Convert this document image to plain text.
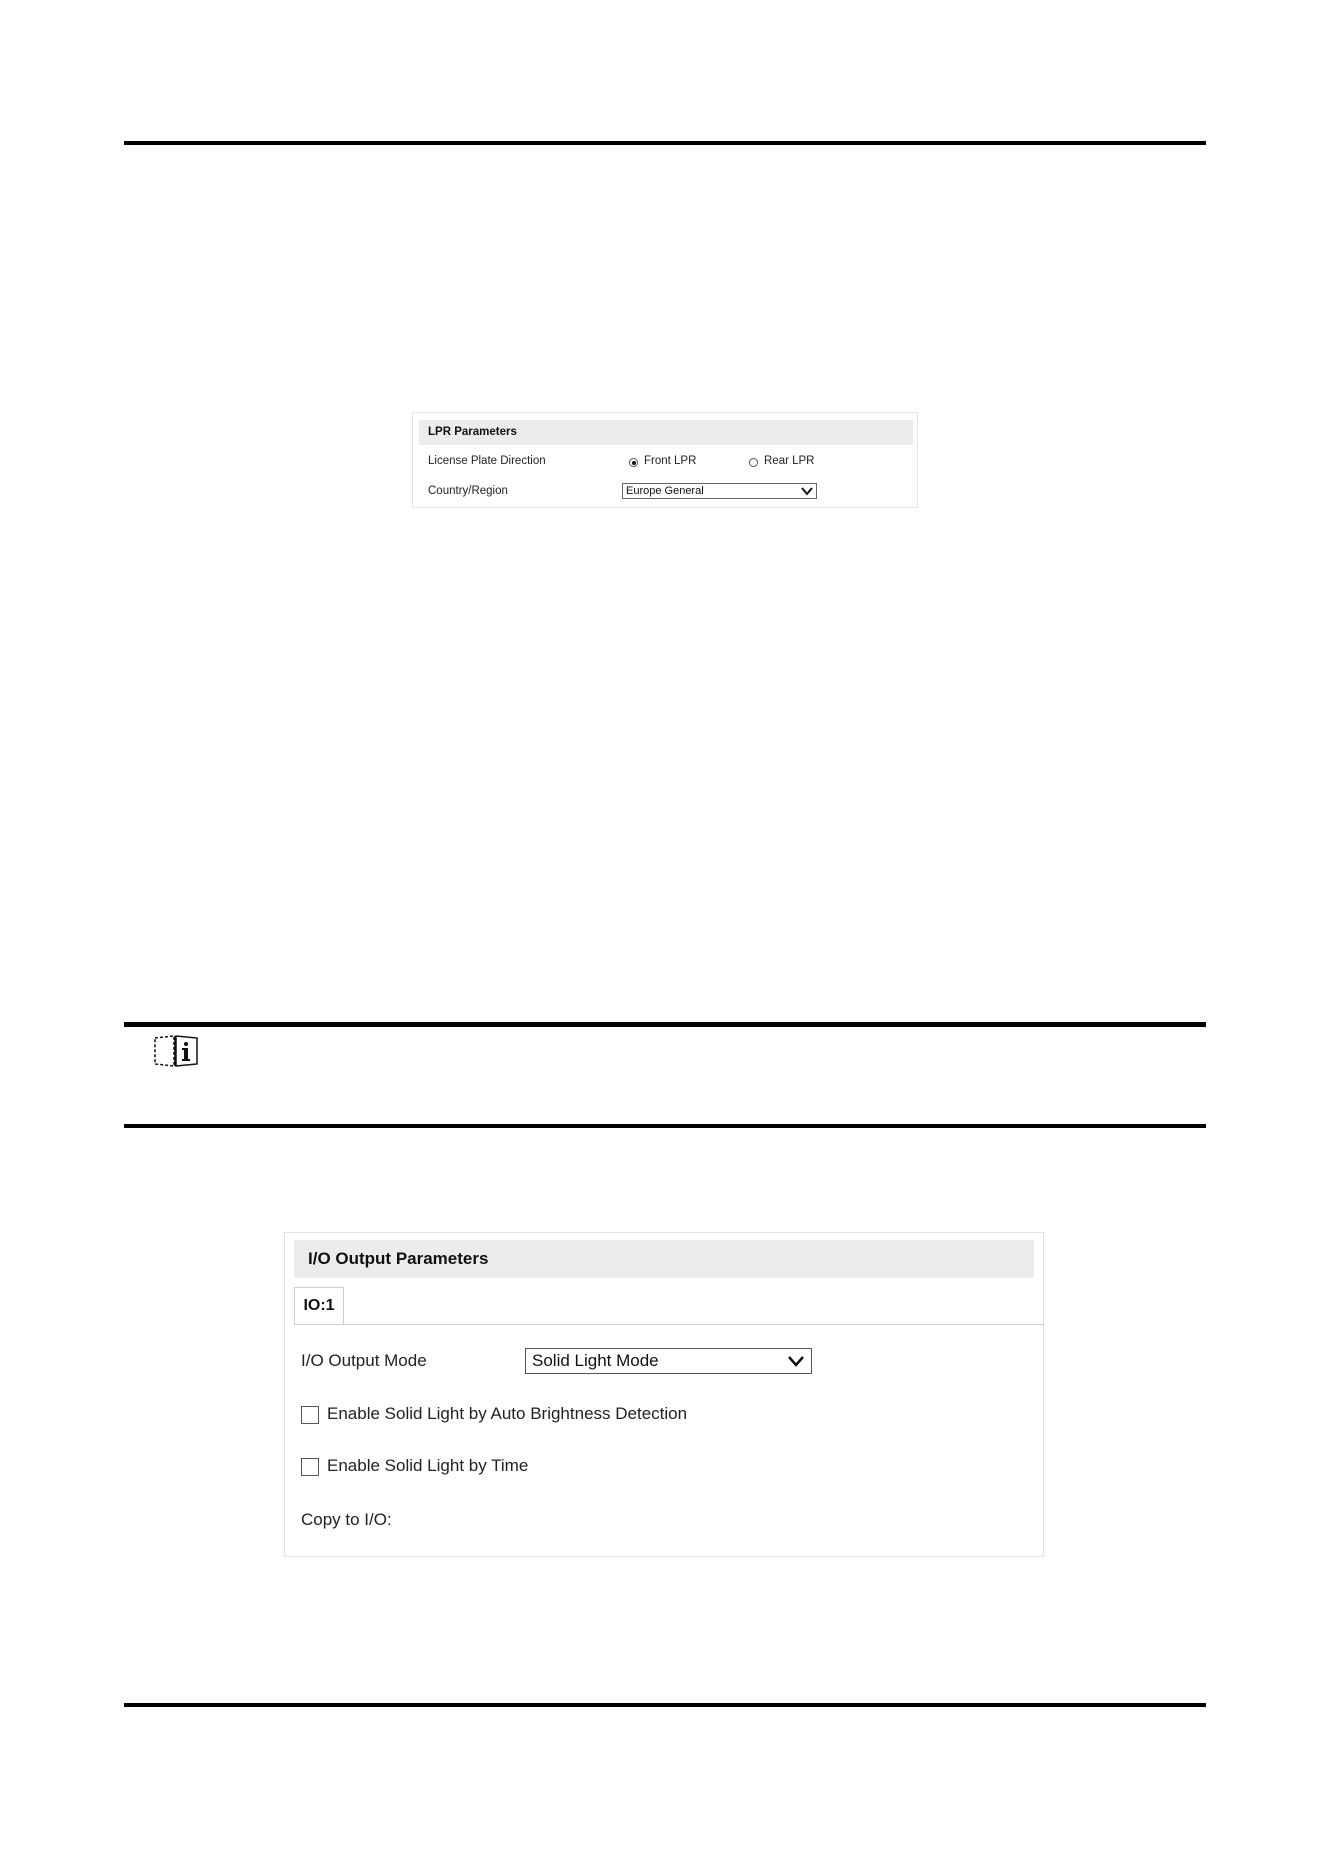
LPR Parameters
License Plate Direction	Front LPR	Rear LPR
Country/Region	Europe General
I/O Output Parameters
IO:1
I/O Output Mode	Solid Light Mode
Enable Solid Light by Auto Brightness Detection
Enable Solid Light by Time
Copy to I/O:
